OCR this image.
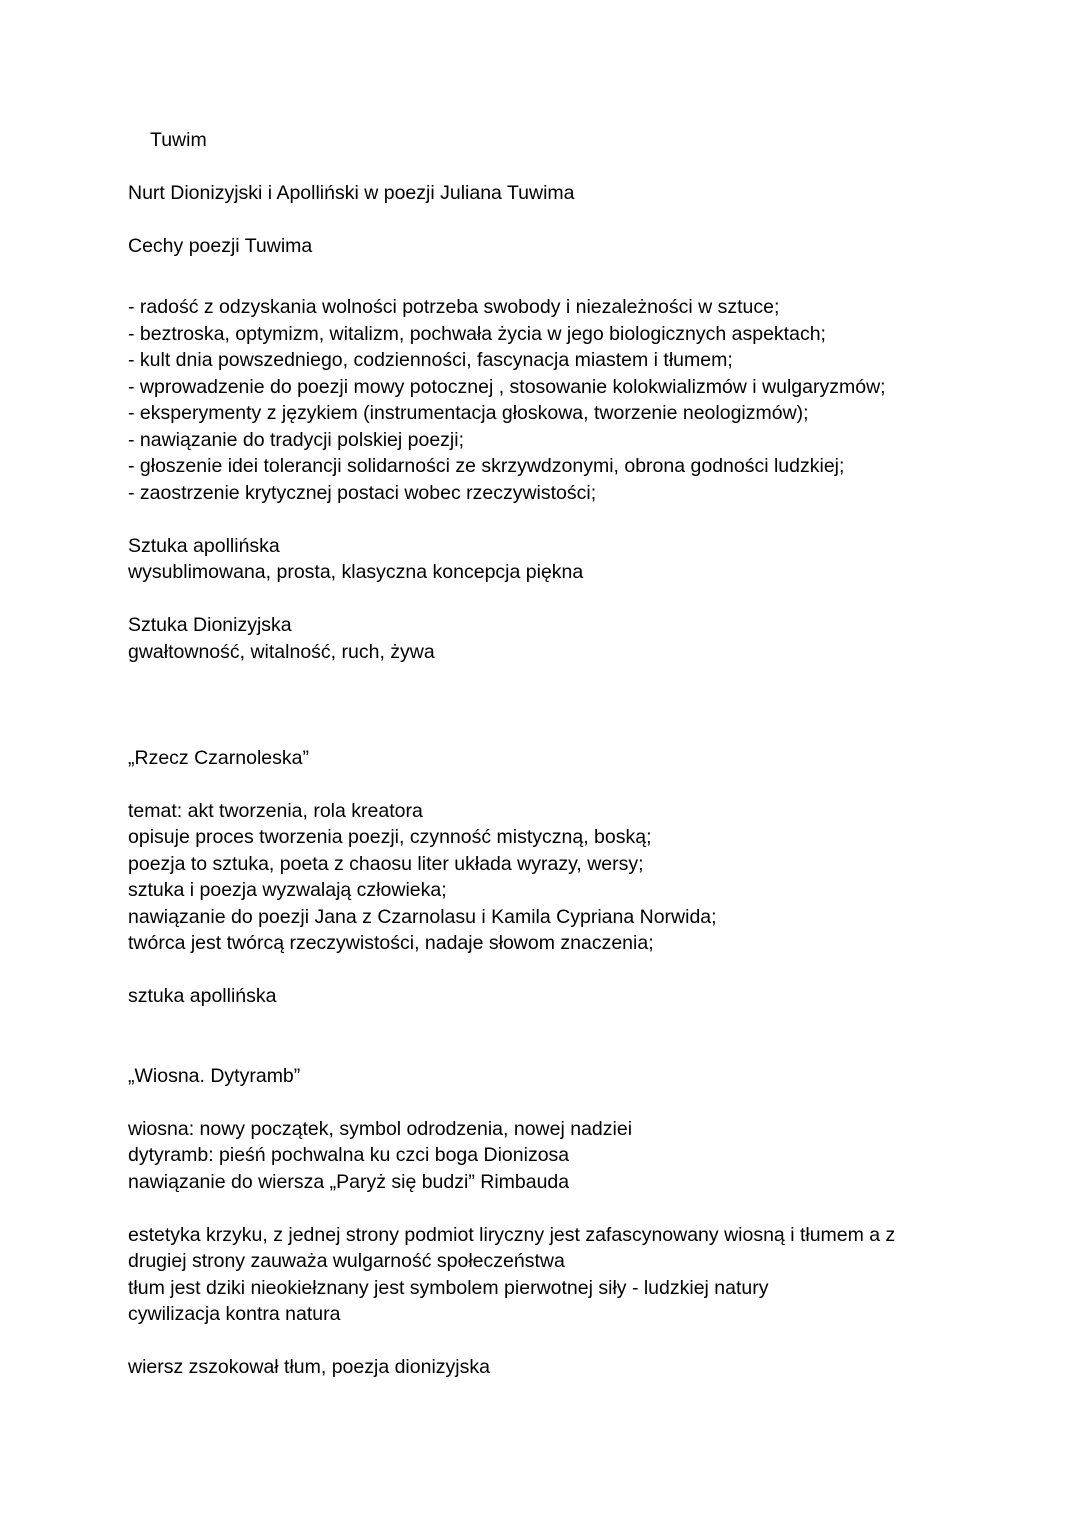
Tuwim

Nurt Dionizyjski i Apolliński w poezji Juliana Tuwima

Cechy poezji Tuwima

- radość z odzyskania wolności potrzeba swobody i niezależności w sztuce;

- beztroska, optymizm, witalizm, pochwała życia w jego biologicznych aspektach;

- kult dnia powszedniego, codzienności, fascynacja miastem i tłumem;

- wprowadzenie do poezji mowy potocznej , stosowanie kolokwializmów i wulgaryzmów;

- eksperymenty z językiem (instrumentacja głoskowa, tworzenie neologizmów);

- nawiązanie do tradycji polskiej poezji;

- głoszenie idei tolerancji solidarności ze skrzywdzonymi, obrona godności ludzkiej;

- zaostrzenie krytycznej postaci wobec rzeczywistości;

Sztuka apollińska

wysublimowana, prosta, klasyczna koncepcja piękna

Sztuka Dionizyjska

gwałtowność, witalność, ruch, żywa

„Rzecz Czarnoleska”

temat: akt tworzenia, rola kreatora

opisuje proces tworzenia poezji, czynność mistyczną, boską;

poezja to sztuka, poeta z chaosu liter układa wyrazy, wersy;

sztuka i poezja wyzwalają człowieka;

nawiązanie do poezji Jana z Czarnolasu i Kamila Cypriana Norwida;

twórca jest twórcą rzeczywistości, nadaje słowom znaczenia;

sztuka apollińska

„Wiosna. Dytyramb”

wiosna: nowy początek, symbol odrodzenia, nowej nadziei

dytyramb: pieśń pochwalna ku czci boga Dionizosa

nawiązanie do wiersza „Paryż się budzi” Rimbauda

estetyka krzyku, z jednej strony podmiot liryczny jest zafascynowany wiosną i tłumem a z

drugiej strony zauważa wulgarność społeczeństwa

tłum jest dziki nieokiełznany jest symbolem pierwotnej siły - ludzkiej natury

cywilizacja kontra natura

wiersz zszokował tłum, poezja dionizyjska
